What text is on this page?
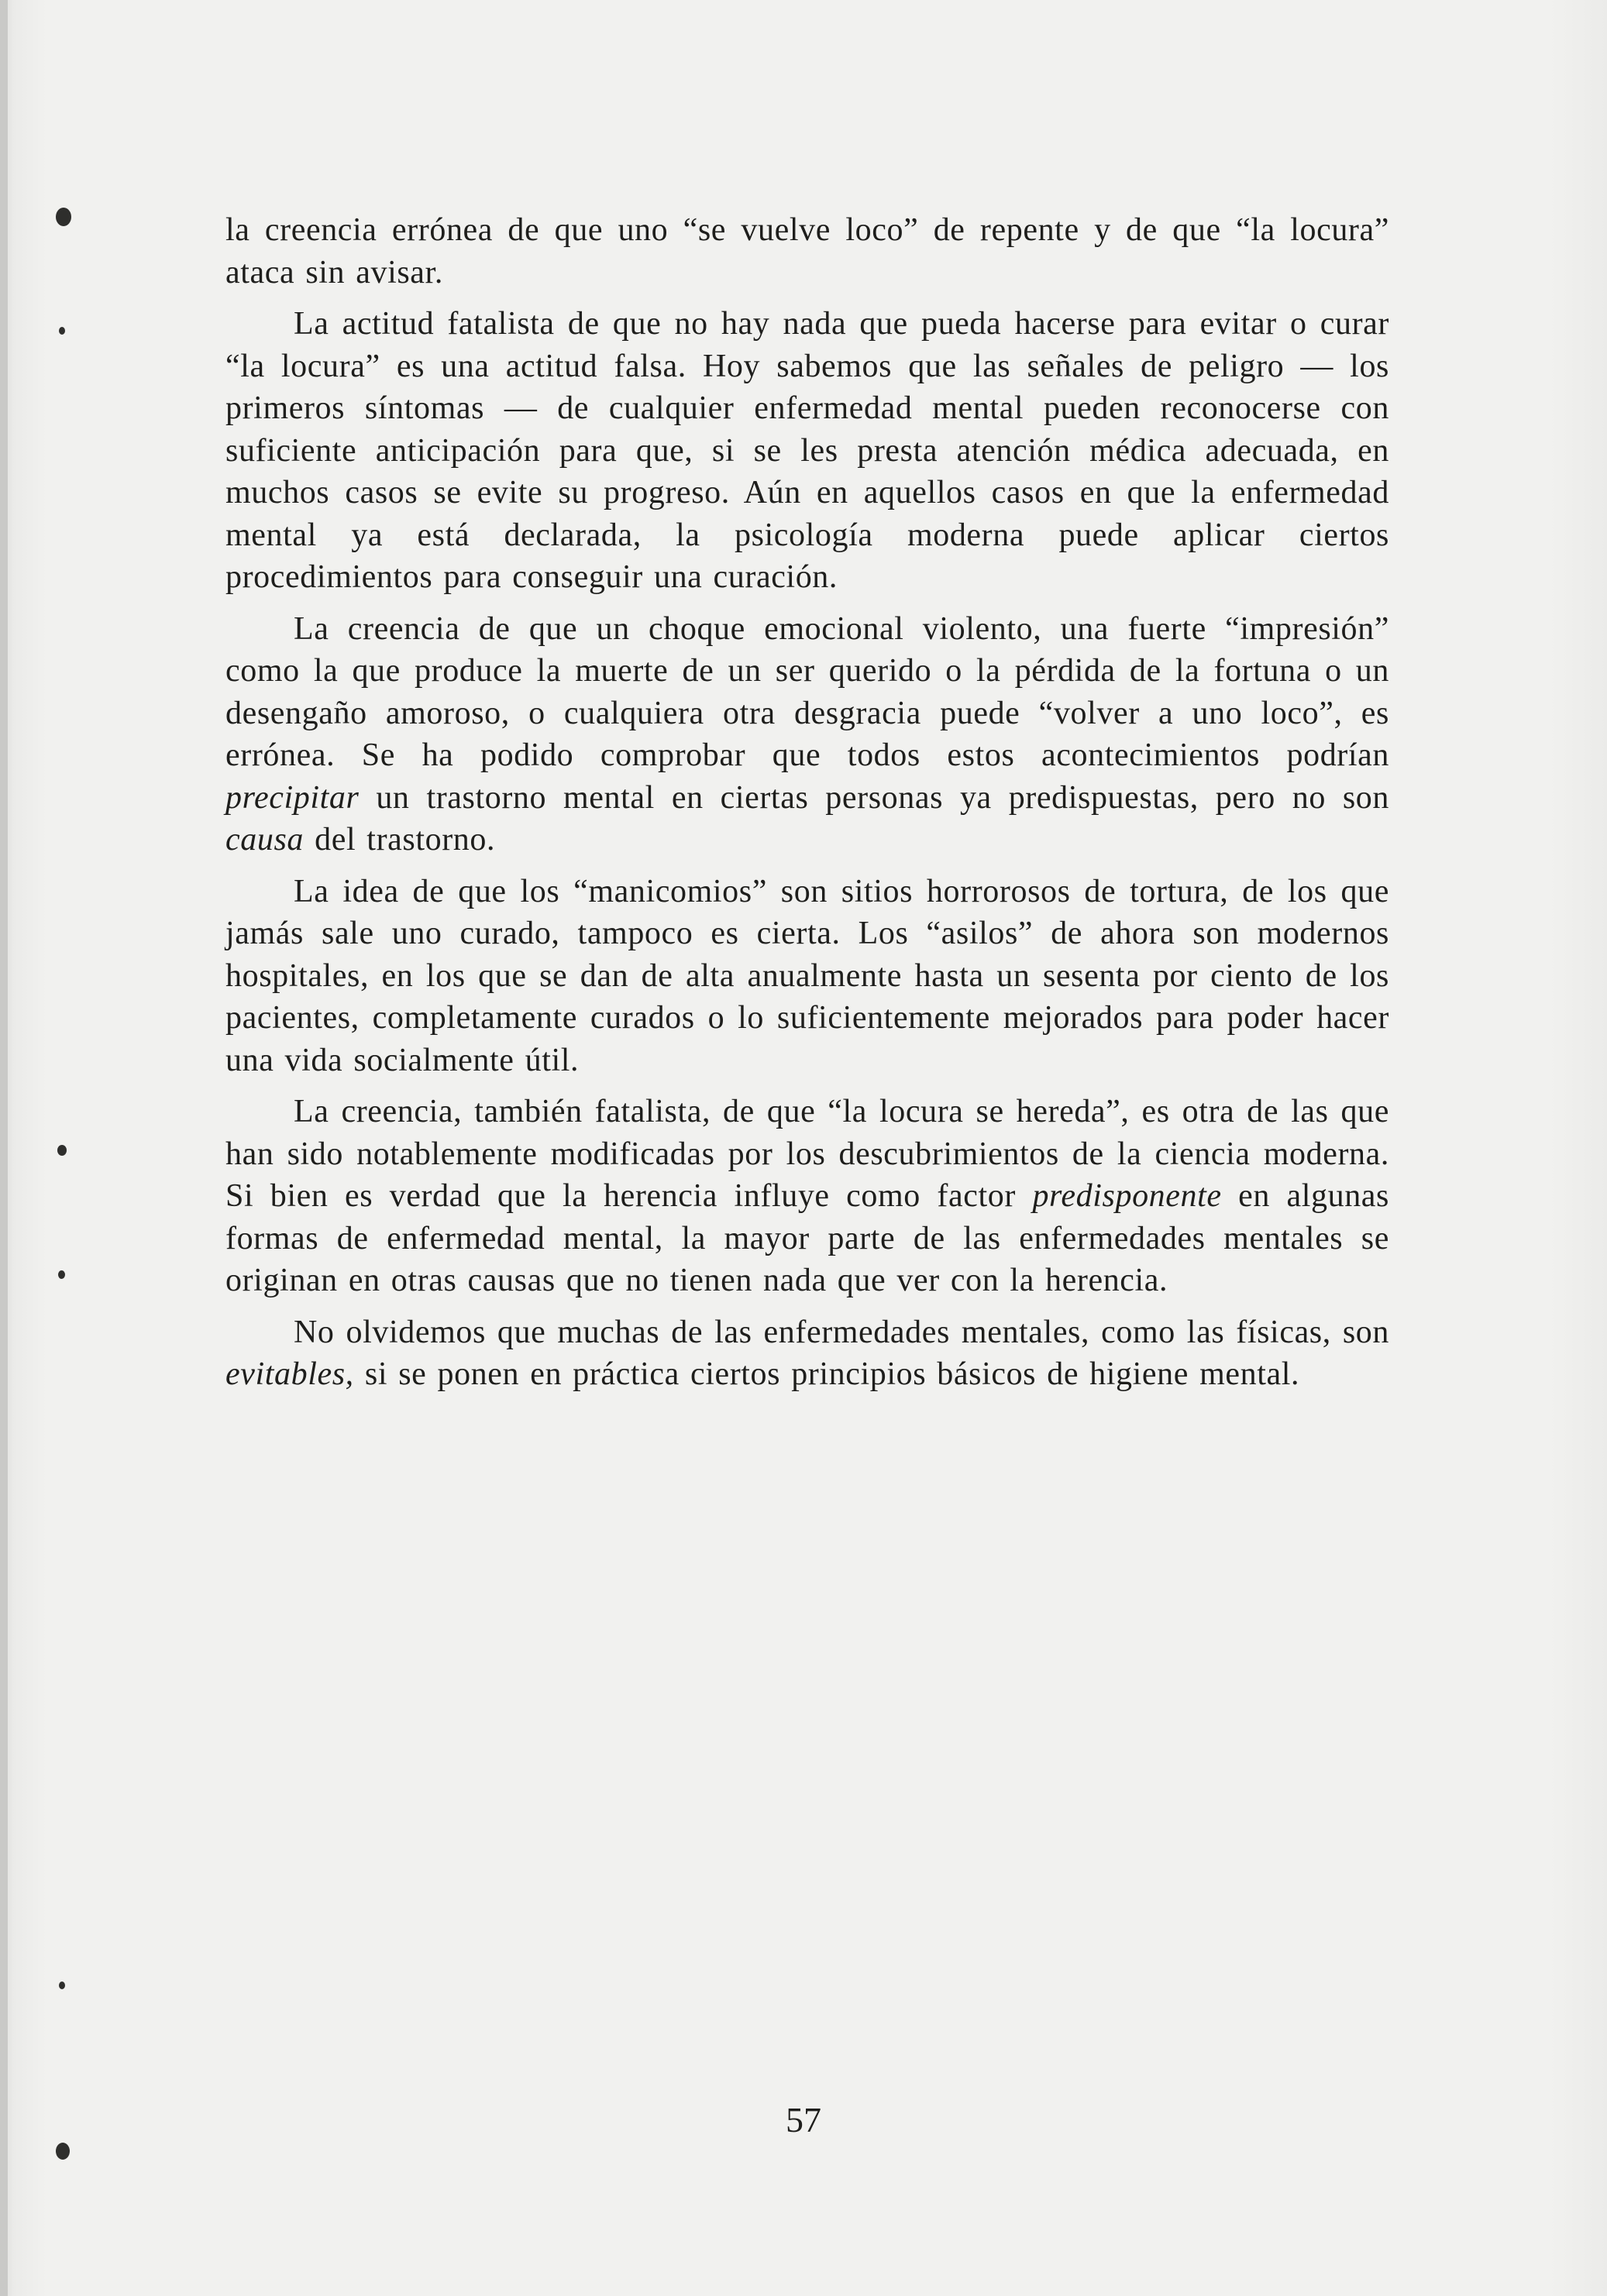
la creencia errónea de que uno “se vuelve loco” de repente y de que “la locura” ataca sin avisar.

La actitud fatalista de que no hay nada que pueda hacerse para evitar o curar “la locura” es una actitud falsa. Hoy sabemos que las señales de peligro — los primeros síntomas — de cualquier enfermedad mental pueden reconocerse con suficiente anticipación para que, si se les presta atención médica adecuada, en muchos casos se evite su progreso. Aún en aquellos casos en que la enfermedad mental ya está declarada, la psicología moderna puede aplicar ciertos procedimientos para conseguir una curación.

La creencia de que un choque emocional violento, una fuerte “impresión” como la que produce la muerte de un ser querido o la pérdida de la fortuna o un desengaño amoroso, o cualquiera otra desgracia puede “volver a uno loco”, es errónea. Se ha podido comprobar que todos estos acontecimientos podrían precipitar un trastorno mental en ciertas personas ya predispuestas, pero no son causa del trastorno.

La idea de que los “manicomios” son sitios horrorosos de tortura, de los que jamás sale uno curado, tampoco es cierta. Los “asilos” de ahora son modernos hospitales, en los que se dan de alta anualmente hasta un sesenta por ciento de los pacientes, completamente curados o lo suficientemente mejorados para poder hacer una vida socialmente útil.

La creencia, también fatalista, de que “la locura se hereda”, es otra de las que han sido notablemente modificadas por los descubrimientos de la ciencia moderna. Si bien es verdad que la herencia influye como factor predisponente en algunas formas de enfermedad mental, la mayor parte de las enfermedades mentales se originan en otras causas que no tienen nada que ver con la herencia.

No olvidemos que muchas de las enfermedades mentales, como las físicas, son evitables, si se ponen en práctica ciertos principios básicos de higiene mental.

57
